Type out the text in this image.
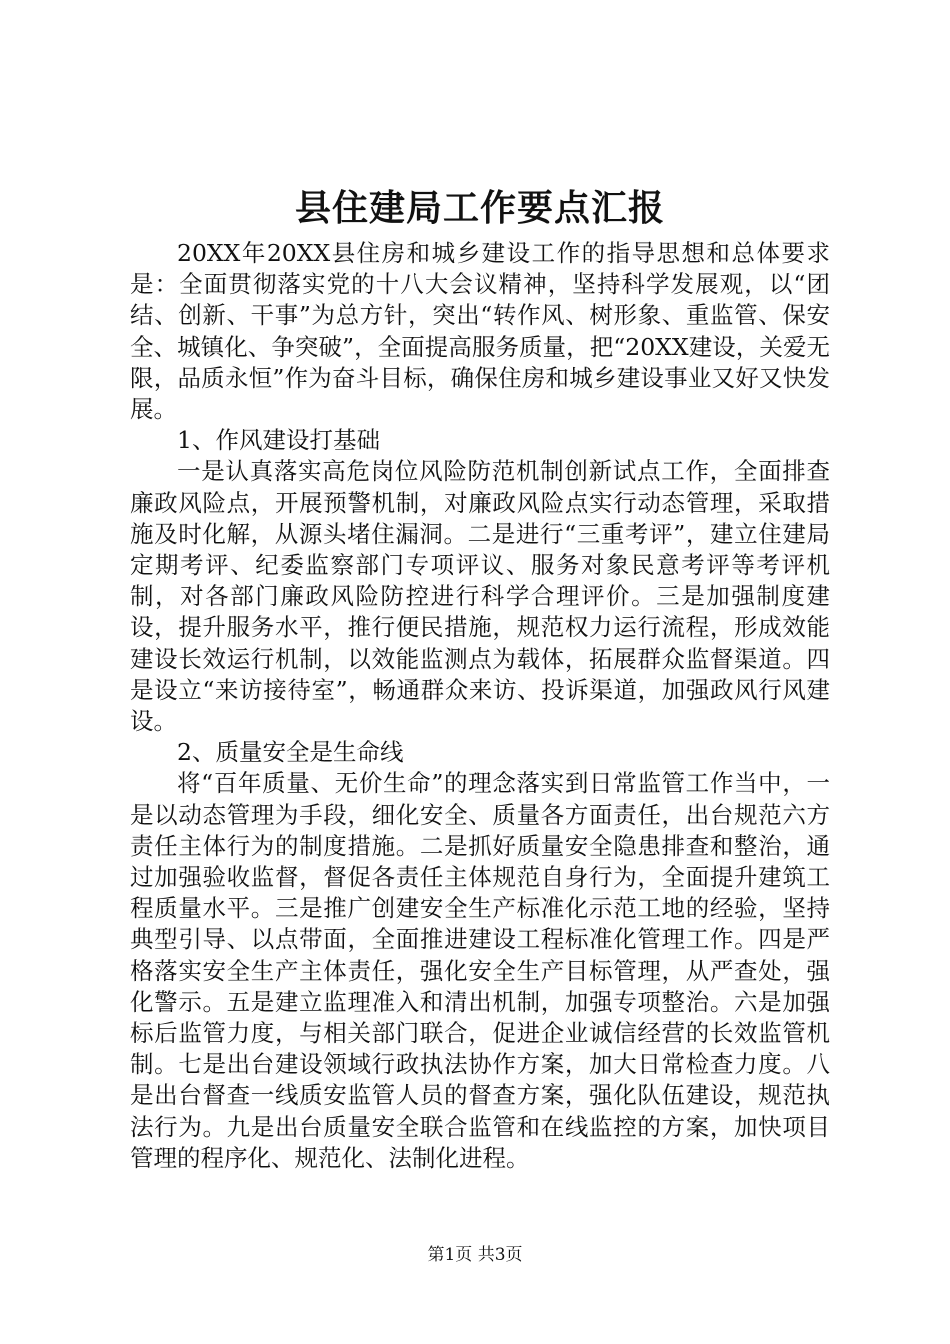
县住建局工作要点汇报

20XX年20XX县住房和城乡建设工作的指导思想和总体要求是：全面贯彻落实党的十八大会议精神，坚持科学发展观，以“团结、创新、干事”为总方针，突出“转作风、树形象、重监管、保安全、城镇化、争突破”，全面提高服务质量，把“20XX建设，关爱无限，品质永恒”作为奋斗目标，确保住房和城乡建设事业又好又快发展。

1、作风建设打基础

一是认真落实高危岗位风险防范机制创新试点工作，全面排查廉政风险点，开展预警机制，对廉政风险点实行动态管理，采取措施及时化解，从源头堵住漏洞。二是进行“三重考评”，建立住建局定期考评、纪委监察部门专项评议、服务对象民意考评等考评机制，对各部门廉政风险防控进行科学合理评价。三是加强制度建设，提升服务水平，推行便民措施，规范权力运行流程，形成效能建设长效运行机制，以效能监测点为载体，拓展群众监督渠道。四是设立“来访接待室”，畅通群众来访、投诉渠道，加强政风行风建设。

2、质量安全是生命线

将“百年质量、无价生命”的理念落实到日常监管工作当中，一是以动态管理为手段，细化安全、质量各方面责任，出台规范六方责任主体行为的制度措施。二是抓好质量安全隐患排查和整治，通过加强验收监督，督促各责任主体规范自身行为，全面提升建筑工程质量水平。三是推广创建安全生产标准化示范工地的经验，坚持典型引导、以点带面，全面推进建设工程标准化管理工作。四是严格落实安全生产主体责任，强化安全生产目标管理，从严查处，强化警示。五是建立监理准入和清出机制，加强专项整治。六是加强标后监管力度，与相关部门联合，促进企业诚信经营的长效监管机制。七是出台建设领域行政执法协作方案，加大日常检查力度。八是出台督查一线质安监管人员的督查方案，强化队伍建设，规范执法行为。九是出台质量安全联合监管和在线监控的方案，加快项目管理的程序化、规范化、法制化进程。

第1页 共3页
